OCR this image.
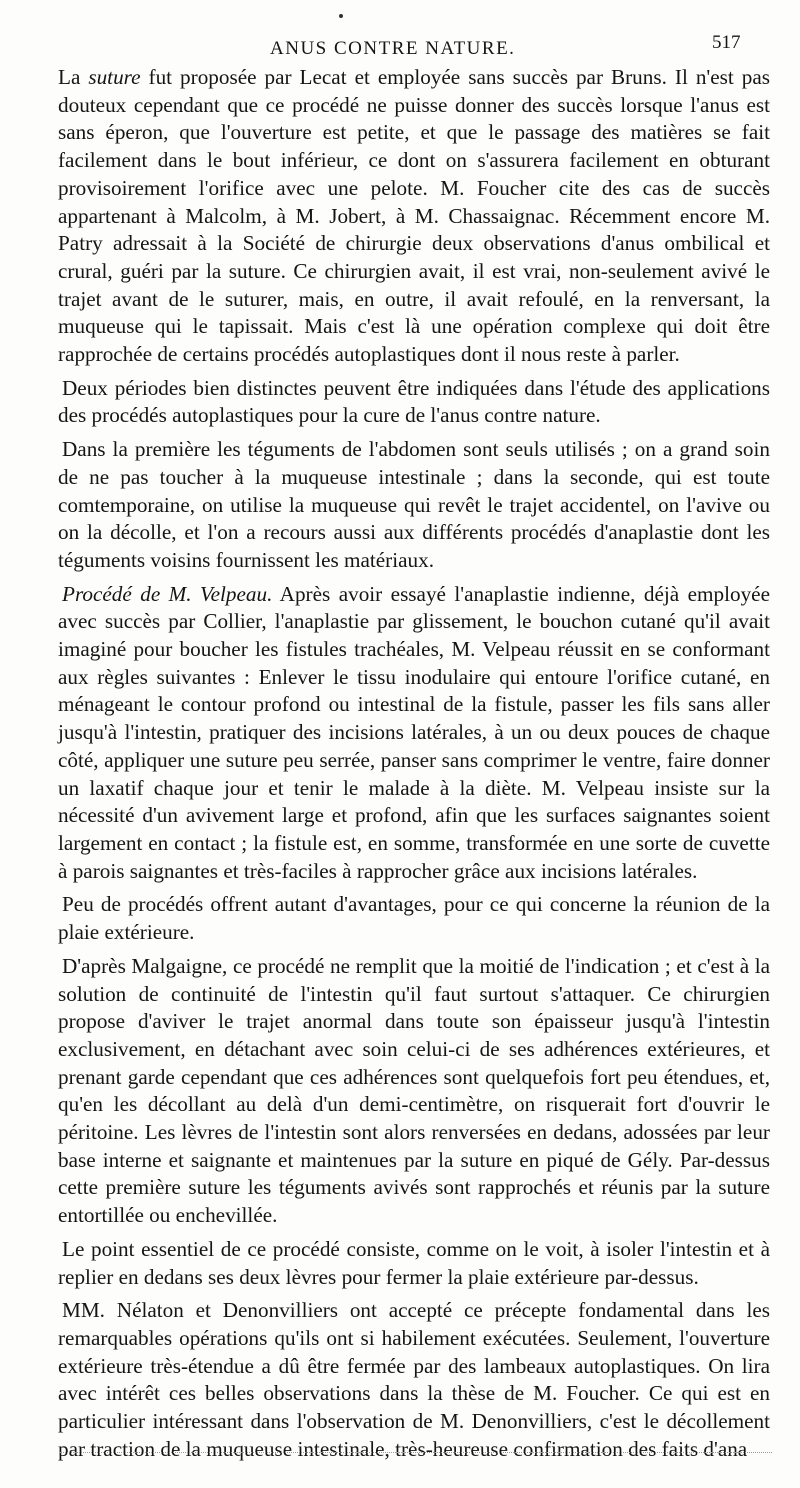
ANUS CONTRE NATURE.	517

La suture fut proposée par Lecat et employée sans succès par Bruns. Il n'est pas douteux cependant que ce procédé ne puisse donner des succès lorsque l'anus est sans éperon, que l'ouverture est petite, et que le passage des matières se fait facilement dans le bout inférieur, ce dont on s'assurera facilement en obturant provisoirement l'orifice avec une pelote. M. Foucher cite des cas de succès appartenant à Malcolm, à M. Jobert, à M. Chassaignac. Récemment encore M. Patry adressait à la Société de chirurgie deux observations d'anus ombilical et crural, guéri par la suture. Ce chirurgien avait, il est vrai, non-seulement avivé le trajet avant de le suturer, mais, en outre, il avait refoulé, en la renversant, la muqueuse qui le tapissait. Mais c'est là une opération complexe qui doit être rapprochée de certains procédés autoplastiques dont il nous reste à parler.

Deux périodes bien distinctes peuvent être indiquées dans l'étude des applications des procédés autoplastiques pour la cure de l'anus contre nature.

Dans la première les téguments de l'abdomen sont seuls utilisés ; on a grand soin de ne pas toucher à la muqueuse intestinale ; dans la seconde, qui est toute comtemporaine, on utilise la muqueuse qui revêt le trajet accidentel, on l'avive ou on la décolle, et l'on a recours aussi aux différents procédés d'anaplastie dont les téguments voisins fournissent les matériaux.

Procédé de M. Velpeau. Après avoir essayé l'anaplastie indienne, déjà employée avec succès par Collier, l'anaplastie par glissement, le bouchon cutané qu'il avait imaginé pour boucher les fistules trachéales, M. Velpeau réussit en se conformant aux règles suivantes : Enlever le tissu inodulaire qui entoure l'orifice cutané, en ménageant le contour profond ou intestinal de la fistule, passer les fils sans aller jusqu'à l'intestin, pratiquer des incisions latérales, à un ou deux pouces de chaque côté, appliquer une suture peu serrée, panser sans comprimer le ventre, faire donner un laxatif chaque jour et tenir le malade à la diète. M. Velpeau insiste sur la nécessité d'un avivement large et profond, afin que les surfaces saignantes soient largement en contact ; la fistule est, en somme, transformée en une sorte de cuvette à parois saignantes et très-faciles à rapprocher grâce aux incisions latérales.

Peu de procédés offrent autant d'avantages, pour ce qui concerne la réunion de la plaie extérieure.

D'après Malgaigne, ce procédé ne remplit que la moitié de l'indication ; et c'est à la solution de continuité de l'intestin qu'il faut surtout s'attaquer. Ce chirurgien propose d'aviver le trajet anormal dans toute son épaisseur jusqu'à l'intestin exclusivement, en détachant avec soin celui-ci de ses adhérences extérieures, et prenant garde cependant que ces adhérences sont quelquefois fort peu étendues, et, qu'en les décollant au delà d'un demi-centimètre, on risquerait fort d'ouvrir le péritoine. Les lèvres de l'intestin sont alors renversées en dedans, adossées par leur base interne et saignante et maintenues par la suture en piqué de Gély. Par-dessus cette première suture les téguments avivés sont rapprochés et réunis par la suture entortillée ou enchevillée.

Le point essentiel de ce procédé consiste, comme on le voit, à isoler l'intestin et à replier en dedans ses deux lèvres pour fermer la plaie extérieure par-dessus.

MM. Nélaton et Denonvilliers ont accepté ce précepte fondamental dans les remarquables opérations qu'ils ont si habilement exécutées. Seulement, l'ouverture extérieure très-étendue a dû être fermée par des lambeaux autoplastiques. On lira avec intérêt ces belles observations dans la thèse de M. Foucher. Ce qui est en particulier intéressant dans l'observation de M. Denonvilliers, c'est le décollement par traction de la muqueuse intestinale, très-heureuse confirmation des faits d'ana
